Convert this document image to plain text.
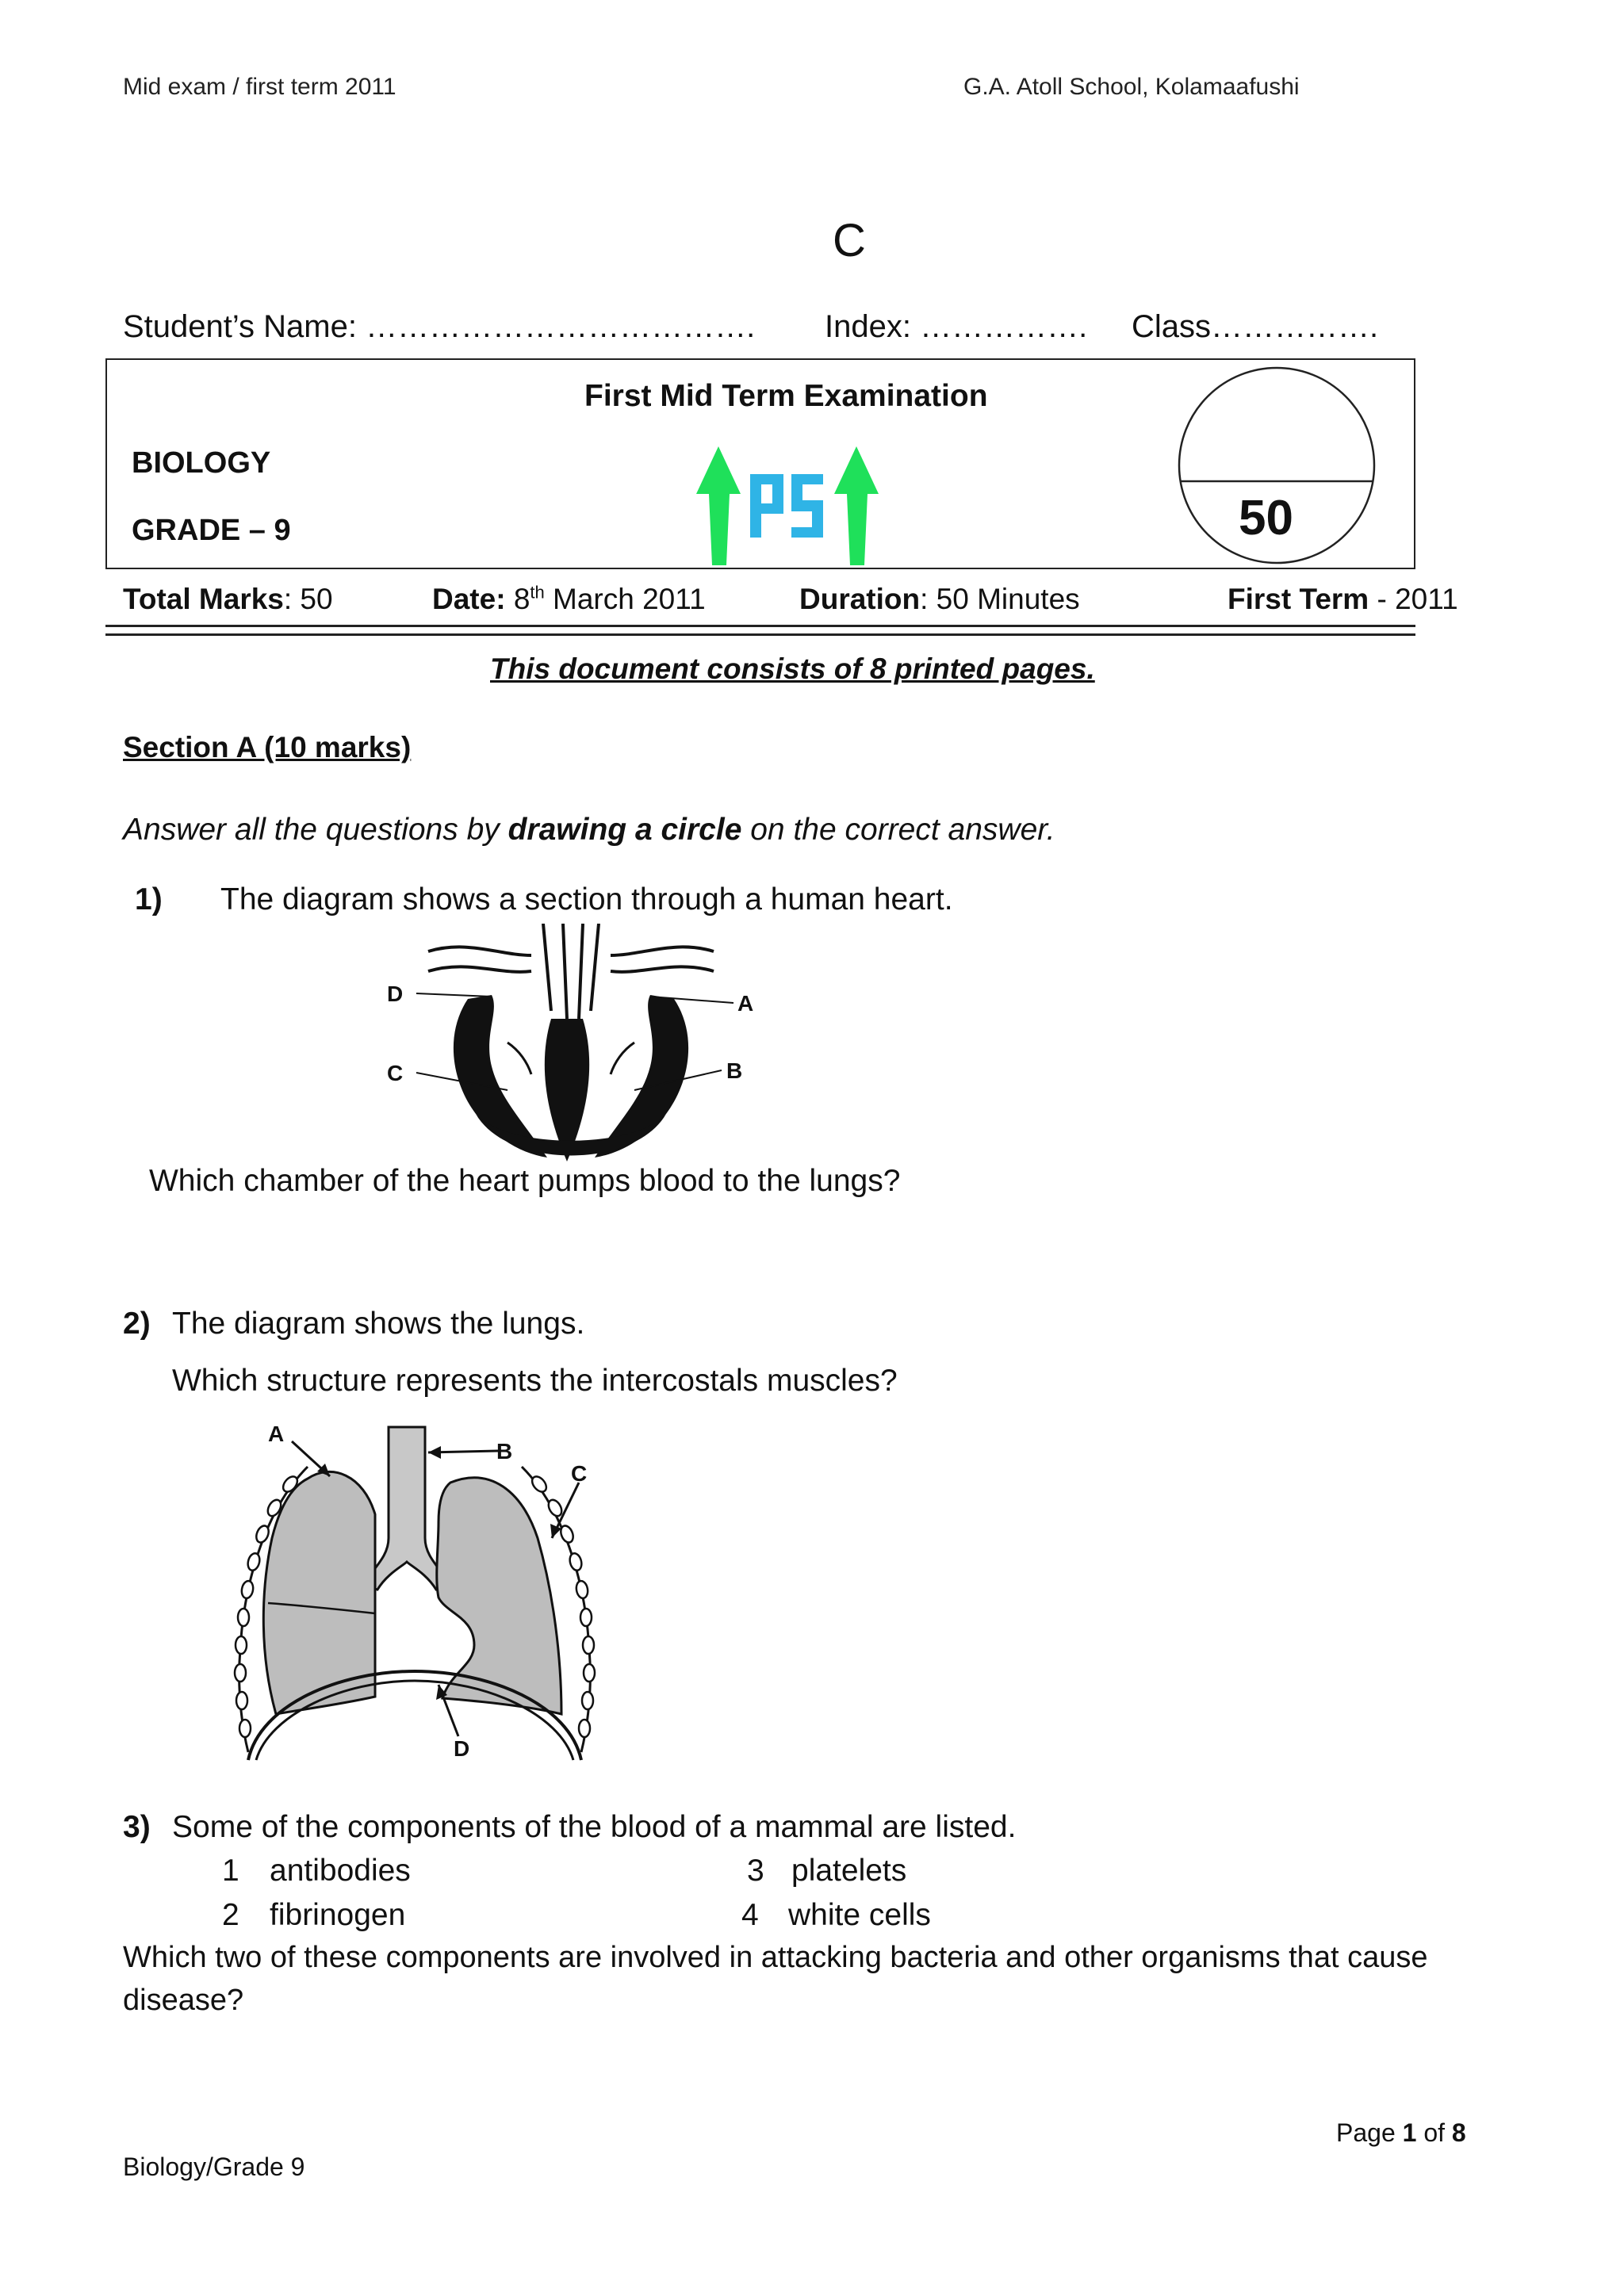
Mid exam / first term 2011	G.A. Atoll School, Kolamaafushi
C
Student’s Name: ………………………………. Index: ……………. Class…………….
First Mid Term Examination
BIOLOGY
GRADE – 9	50
Total Marks: 50	Date: 8th March 2011	Duration: 50 Minutes	First Term - 2011
This document consists of 8 printed pages.
Section A (10 marks)
Answer all the questions by drawing a circle on the correct answer.
1) The diagram shows a section through a human heart.
D	A
C	B
Which chamber of the heart pumps blood to the lungs?
2) The diagram shows the lungs.
Which structure represents the intercostals muscles?
A
B
C
D
3) Some of the components of the blood of a mammal are listed.
1 antibodies	3 platelets
2 fibrinogen	4 white cells
Which two of these components are involved in attacking bacteria and other organisms that cause
disease?
Page 1 of 8
Biology/Grade 9
